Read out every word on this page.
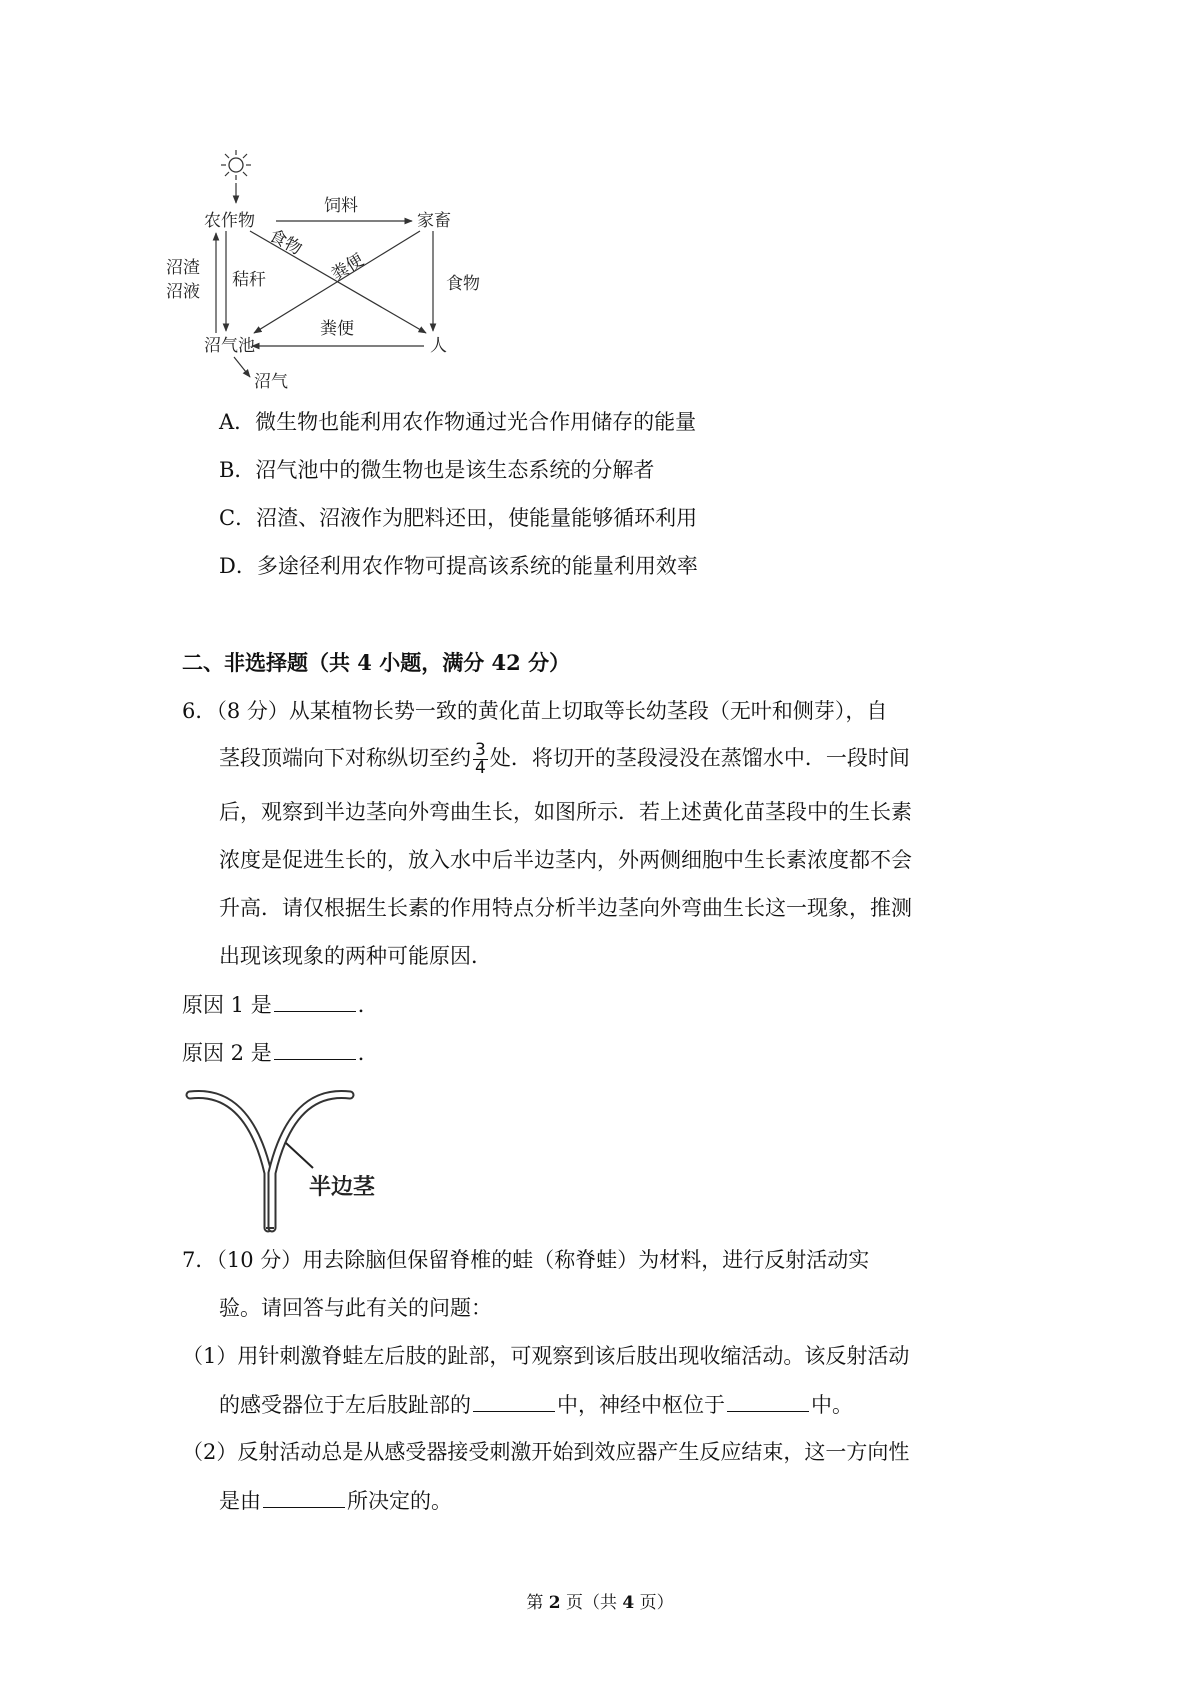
农作物	家畜
沼气池	人
沼气
饲料
食物
食物
粪便
粪便
秸秆
沼渣
沼液
A．微生物也能利用农作物通过光合作用储存的能量
B．沼气池中的微生物也是该生态系统的分解者
C．沼渣、沼液作为肥料还田，使能量能够循环利用
D．多途径利用农作物可提高该系统的能量利用效率
二、非选择题（共 4 小题，满分 42 分）
6．（8 分）从某植物长势一致的黄化苗上切取等长幼茎段（无叶和侧芽），自
茎段顶端向下对称纵切至约 $\frac{3}{4}$ 处．将切开的茎段浸没在蒸馏水中．一段时间
后，观察到半边茎向外弯曲生长，如图所示．若上述黄化苗茎段中的生长素
浓度是促进生长的，放入水中后半边茎内，外两侧细胞中生长素浓度都不会
升高．请仅根据生长素的作用特点分析半边茎向外弯曲生长这一现象，推测
出现该现象的两种可能原因．
原因 1 是	．
原因 2 是	．
半边茎
7．（10 分）用去除脑但保留脊椎的蛙（称脊蛙）为材料，进行反射活动实
验。请回答与此有关的问题：
（1）用针刺激脊蛙左后肢的趾部，可观察到该后肢出现收缩活动。该反射活动
的感受器位于左后肢趾部的	中，神经中枢位于	中。
（2）反射活动总是从感受器接受刺激开始到效应器产生反应结束，这一方向性
是由	所决定的。
第 2 页（共 4 页）
